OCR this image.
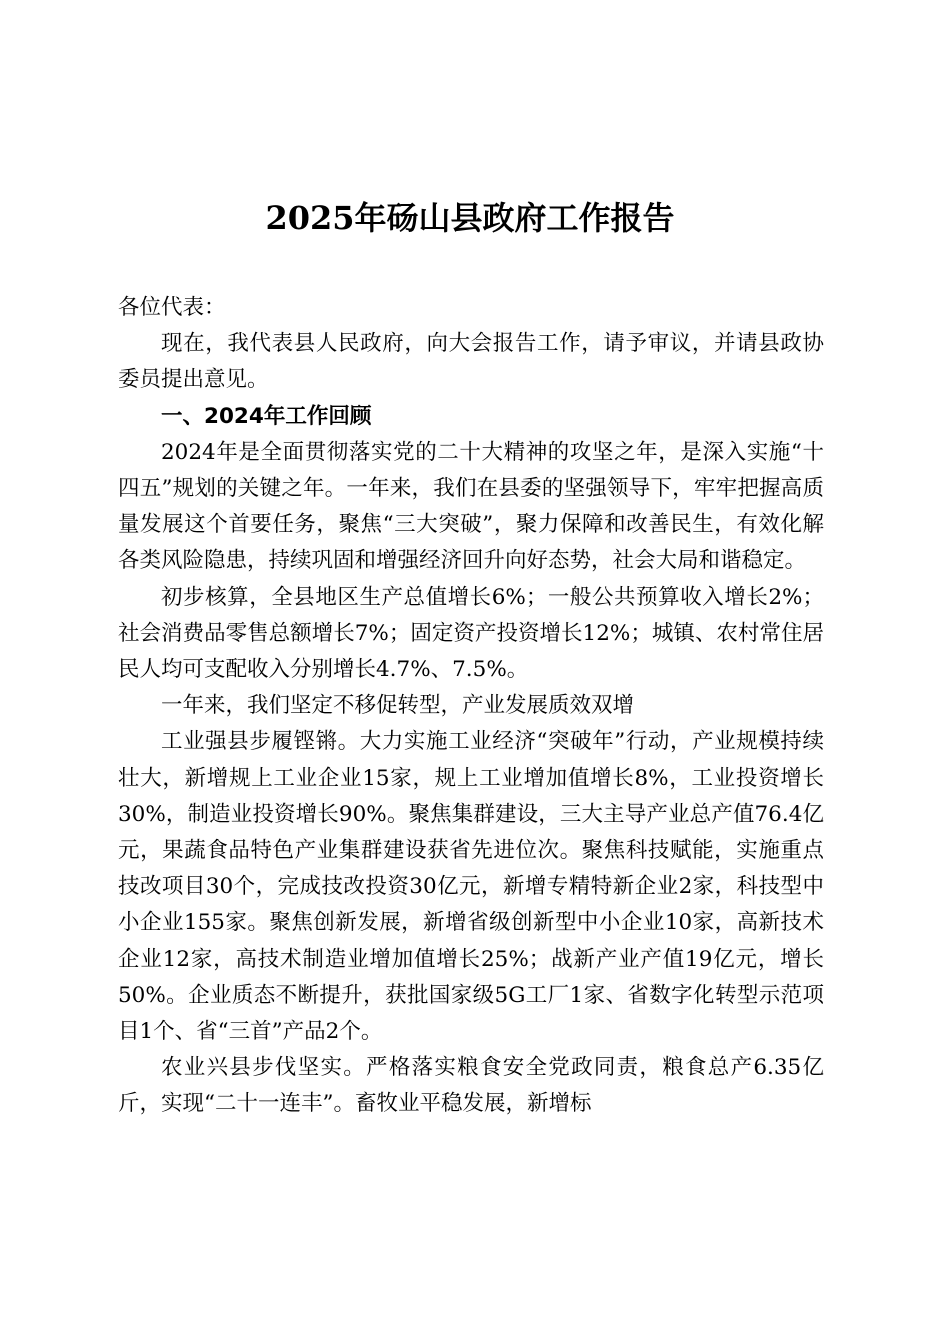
2025年砀山县政府工作报告

各位代表：

现在，我代表县人民政府，向大会报告工作，请予审议，并请县政协委员提出意见。

一、2024年工作回顾

2024年是全面贯彻落实党的二十大精神的攻坚之年，是深入实施“十四五”规划的关键之年。一年来，我们在县委的坚强领导下，牢牢把握高质量发展这个首要任务，聚焦“三大突破”，聚力保障和改善民生，有效化解各类风险隐患，持续巩固和增强经济回升向好态势，社会大局和谐稳定。

初步核算，全县地区生产总值增长6%；一般公共预算收入增长2%；社会消费品零售总额增长7%；固定资产投资增长12%；城镇、农村常住居民人均可支配收入分别增长4.7%、7.5%。

一年来，我们坚定不移促转型，产业发展质效双增

工业强县步履铿锵。大力实施工业经济“突破年”行动，产业规模持续壮大，新增规上工业企业15家，规上工业增加值增长8%，工业投资增长30%，制造业投资增长90%。聚焦集群建设，三大主导产业总产值76.4亿元，果蔬食品特色产业集群建设获省先进位次。聚焦科技赋能，实施重点技改项目30个，完成技改投资30亿元，新增专精特新企业2家，科技型中小企业155家。聚焦创新发展，新增省级创新型中小企业10家，高新技术企业12家，高技术制造业增加值增长25%；战新产业产值19亿元，增长50%。企业质态不断提升，获批国家级5G工厂1家、省数字化转型示范项目1个、省“三首”产品2个。

农业兴县步伐坚实。严格落实粮食安全党政同责，粮食总产6.35亿斤，实现“二十一连丰”。畜牧业平稳发展，新增标
